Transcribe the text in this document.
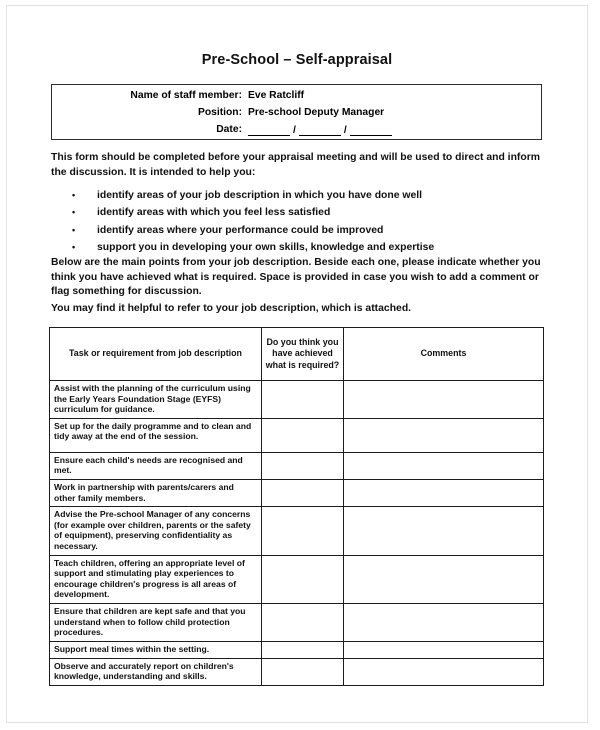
Pre-School – Self-appraisal
Name of staff member: Eve Ratcliff
Position: Pre-school Deputy Manager
Date:	/	/
This form should be completed before your appraisal meeting and will be used to direct and inform the discussion. It is intended to help you:
• identify areas of your job description in which you have done well
• identify areas with which you feel less satisfied
• identify areas where your performance could be improved
• support you in developing your own skills, knowledge and expertise
Below are the main points from your job description. Beside each one, please indicate whether you think you have achieved what is required. Space is provided in case you wish to add a comment or flag something for discussion.
You may find it helpful to refer to your job description, which is attached.
Task or requirement from job description	Do you think you have achieved what is required?	Comments
Assist with the planning of the curriculum using the Early Years Foundation Stage (EYFS) curriculum for guidance.		
Set up for the daily programme and to clean and tidy away at the end of the session.		
Ensure each child's needs are recognised and met.		
Work in partnership with parents/carers and other family members.		
Advise the Pre-school Manager of any concerns (for example over children, parents or the safety of equipment), preserving confidentiality as necessary.		
Teach children, offering an appropriate level of support and stimulating play experiences to encourage children's progress is all areas of development.		
Ensure that children are kept safe and that you understand when to follow child protection procedures.		
Support meal times within the setting.		
Observe and accurately report on children's knowledge, understanding and skills.		
